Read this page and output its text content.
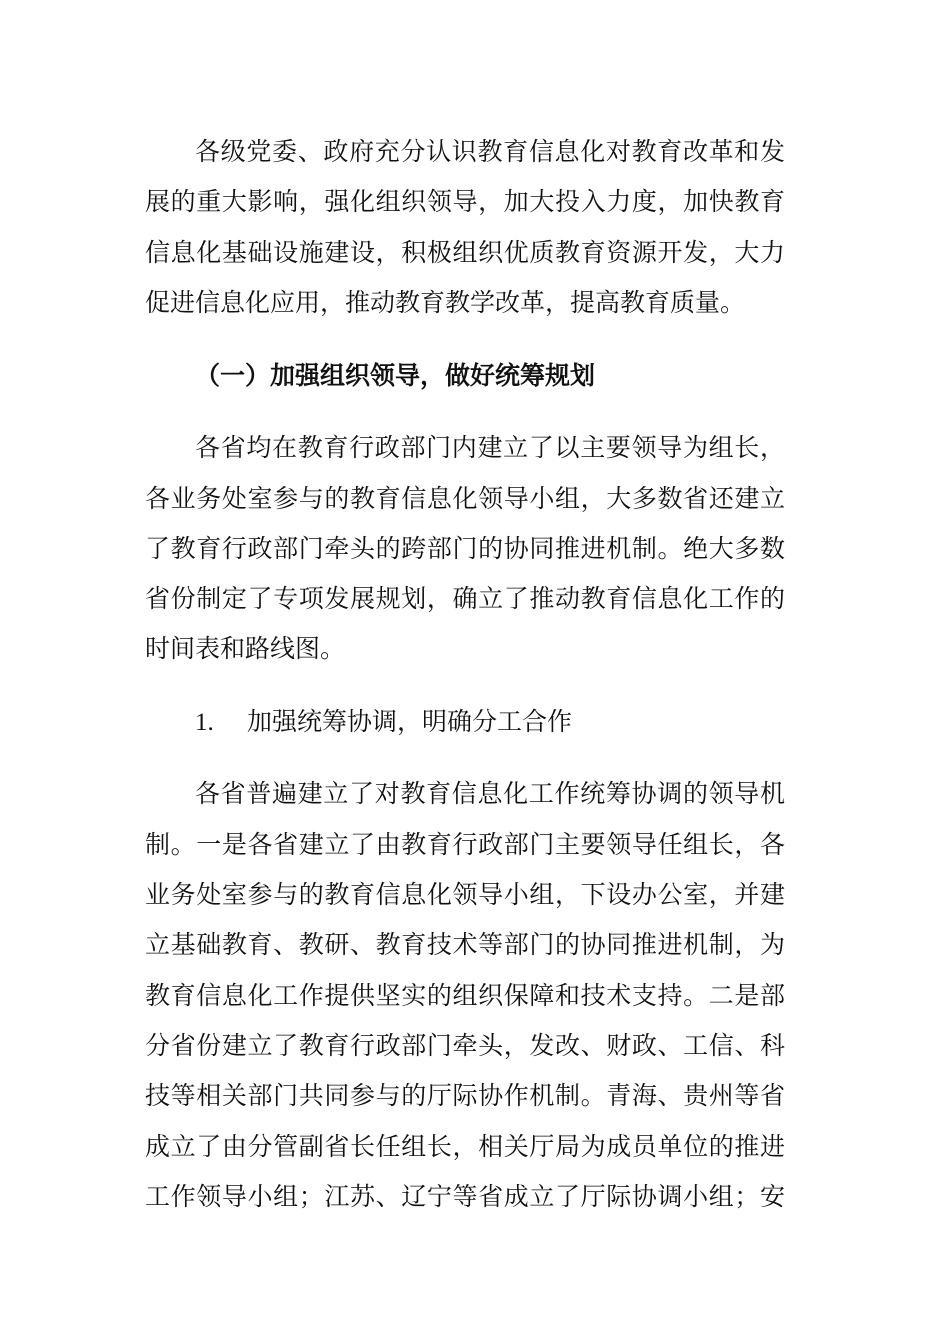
各级党委、政府充分认识教育信息化对教育改革和发
展的重大影响，强化组织领导，加大投入力度，加快教育
信息化基础设施建设，积极组织优质教育资源开发，大力
促进信息化应用，推动教育教学改革，提高教育质量。
（一）加强组织领导，做好统筹规划
各省均在教育行政部门内建立了以主要领导为组长，
各业务处室参与的教育信息化领导小组，大多数省还建立
了教育行政部门牵头的跨部门的协同推进机制。绝大多数
省份制定了专项发展规划，确立了推动教育信息化工作的
时间表和路线图。
1. 加强统筹协调，明确分工合作
各省普遍建立了对教育信息化工作统筹协调的领导机
制。一是各省建立了由教育行政部门主要领导任组长，各
业务处室参与的教育信息化领导小组，下设办公室，并建
立基础教育、教研、教育技术等部门的协同推进机制，为
教育信息化工作提供坚实的组织保障和技术支持。二是部
分省份建立了教育行政部门牵头，发改、财政、工信、科
技等相关部门共同参与的厅际协作机制。青海、贵州等省
成立了由分管副省长任组长，相关厅局为成员单位的推进
工作领导小组；江苏、辽宁等省成立了厅际协调小组；安
